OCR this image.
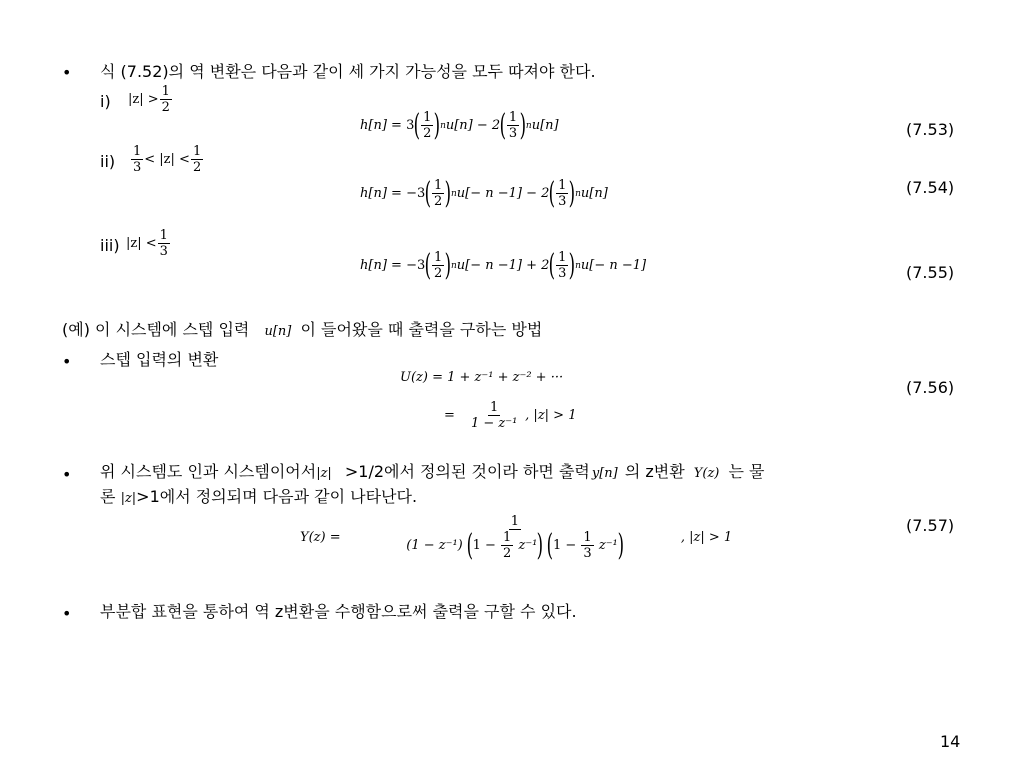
• 식 (7.52)의 역 변환은 다음과 같이 세 가지 가능성을 모두 따져야 한다.
i) $|z| > \frac{1}{2}$
h[n] =
3 ( $\frac{1}{2}$ ) n u[n] − 2 ( $\frac{1}{3}$ ) n u[n]	(7.53)
$ii) \frac{1}{3} < |z| < \frac{1}{2}$
h[n] =
−3 ( $\frac{1}{2}$ ) n u[− n −1] − 2 ( $\frac{1}{3}$ ) n u[n]	(7.54)
iii) $|z| < \frac{1}{3}$
h[n] =
−3 ( $\frac{1}{2}$ ) n u[− n −1] + 2 ( $\frac{1}{3}$ ) n u[− n −1]	(7.55)
(예) 이 시스템에 스텝 입력 u[n] 이 들어왔을 때 출력을 구하는 방법
• 스텝 입력의 변환
U(z) = 1 + z⁻¹ + z⁻² + ···
=
$\frac{1}{\text{1 − z⁻¹}}$ , |z| > 1
(7.56)
• 위 시스템도 인과 시스템이어서|z| >1/2에서 정의된 것이라 하면 출력 y[n] 의 z변환 Y(z) 는 물
론 |z|>1에서 정의되며 다음과 같이 나타난다.
Y(z) =

1
(1 − z⁻¹) $(1 - \frac{1}{2} z^{-1})$ $(1 - \frac{1}{3} z^{-1})$	, |z| > 1
(7.57)
• 부분합 표현을 통하여 역 z변환을 수행함으로써 출력을 구할 수 있다.
14
